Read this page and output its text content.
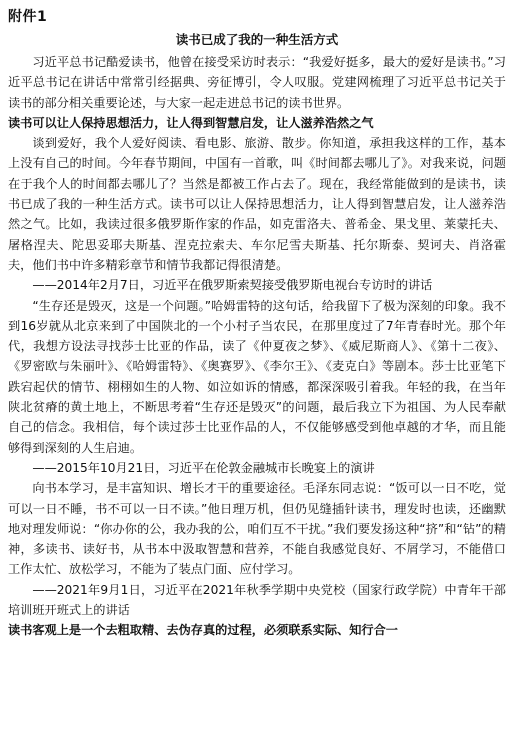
附件1
读书已成了我的一种生活方式

习近平总书记酷爱读书，他曾在接受采访时表示：“我爱好挺多，最大的爱好是读书。”习近平总书记在讲话中常常引经据典、旁征博引，令人叹服。党建网梳理了习近平总书记关于读书的部分相关重要论述，与大家一起走进总书记的读书世界。

读书可以让人保持思想活力，让人得到智慧启发，让人滋养浩然之气

谈到爱好，我个人爱好阅读、看电影、旅游、散步。你知道，承担我这样的工作，基本上没有自己的时间。今年春节期间，中国有一首歌，叫《时间都去哪儿了》。对我来说，问题在于我个人的时间都去哪儿了？当然是都被工作占去了。现在，我经常能做到的是读书，读书已成了我的一种生活方式。读书可以让人保持思想活力，让人得到智慧启发，让人滋养浩然之气。比如，我读过很多俄罗斯作家的作品，如克雷洛夫、普希金、果戈里、莱蒙托夫、屠格涅夫、陀思妥耶夫斯基、涅克拉索夫、车尔尼雪夫斯基、托尔斯泰、契诃夫、肖洛霍夫，他们书中许多精彩章节和情节我都记得很清楚。

——2014年2月7日，习近平在俄罗斯索契接受俄罗斯电视台专访时的讲话

“生存还是毁灭，这是一个问题。”哈姆雷特的这句话，给我留下了极为深刻的印象。我不到16岁就从北京来到了中国陕北的一个小村子当农民，在那里度过了7年青春时光。那个年代，我想方设法寻找莎士比亚的作品，读了《仲夏夜之梦》、《威尼斯商人》、《第十二夜》、《罗密欧与朱丽叶》、《哈姆雷特》、《奥赛罗》、《李尔王》、《麦克白》等剧本。莎士比亚笔下跌宕起伏的情节、栩栩如生的人物、如泣如诉的情感，都深深吸引着我。年轻的我，在当年陕北贫瘠的黄土地上，不断思考着“生存还是毁灭”的问题，最后我立下为祖国、为人民奉献自己的信念。我相信，每个读过莎士比亚作品的人，不仅能够感受到他卓越的才华，而且能够得到深刻的人生启迪。

——2015年10月21日，习近平在伦敦金融城市长晚宴上的演讲

向书本学习，是丰富知识、增长才干的重要途径。毛泽东同志说：“饭可以一日不吃，觉可以一日不睡，书不可以一日不读。”他日理万机，但仍见缝插针读书，理发时也读，还幽默地对理发师说：“你办你的公，我办我的公，咱们互不干扰。”我们要发扬这种“挤”和“钻”的精神，多读书、读好书，从书本中汲取智慧和营养，不能自我感觉良好、不屑学习，不能借口工作太忙、放松学习，不能为了装点门面、应付学习。

——2021年9月1日，习近平在2021年秋季学期中央党校（国家行政学院）中青年干部培训班开班式上的讲话

读书客观上是一个去粗取精、去伪存真的过程，必须联系实际、知行合一
